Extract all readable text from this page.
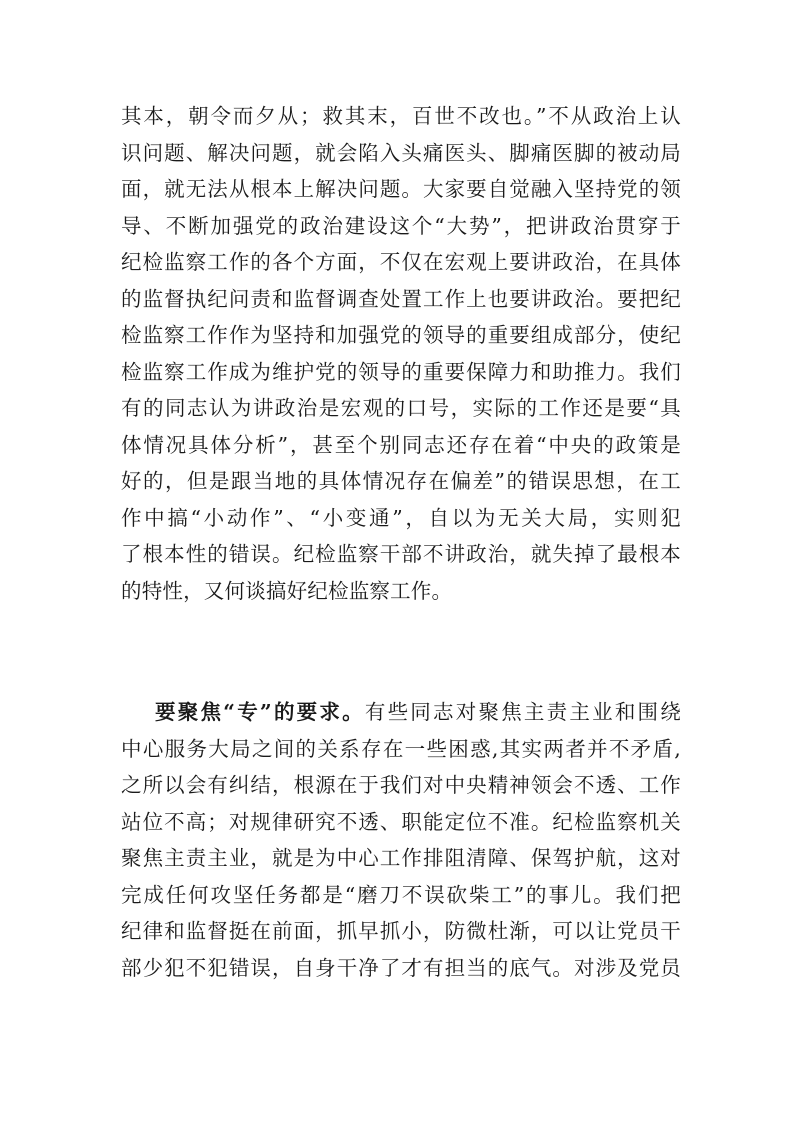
其本，朝令而夕从；救其末，百世不改也。”不从政治上认
识问题、解决问题，就会陷入头痛医头、脚痛医脚的被动局
面，就无法从根本上解决问题。大家要自觉融入坚持党的领
导、不断加强党的政治建设这个“大势”，把讲政治贯穿于
纪检监察工作的各个方面，不仅在宏观上要讲政治，在具体
的监督执纪问责和监督调查处置工作上也要讲政治。要把纪
检监察工作作为坚持和加强党的领导的重要组成部分，使纪
检监察工作成为维护党的领导的重要保障力和助推力。我们
有的同志认为讲政治是宏观的口号，实际的工作还是要“具
体情况具体分析”，甚至个别同志还存在着“中央的政策是
好的，但是跟当地的具体情况存在偏差”的错误思想，在工
作中搞“小动作”、“小变通”，自以为无关大局，实则犯
了根本性的错误。纪检监察干部不讲政治，就失掉了最根本
的特性，又何谈搞好纪检监察工作。
要聚焦“专”的要求。有些同志对聚焦主责主业和围绕
中心服务大局之间的关系存在一些困惑,其实两者并不矛盾,
之所以会有纠结，根源在于我们对中央精神领会不透、工作
站位不高；对规律研究不透、职能定位不准。纪检监察机关
聚焦主责主业，就是为中心工作排阻清障、保驾护航，这对
完成任何攻坚任务都是“磨刀不误砍柴工”的事儿。我们把
纪律和监督挺在前面，抓早抓小，防微杜渐，可以让党员干
部少犯不犯错误，自身干净了才有担当的底气。对涉及党员
